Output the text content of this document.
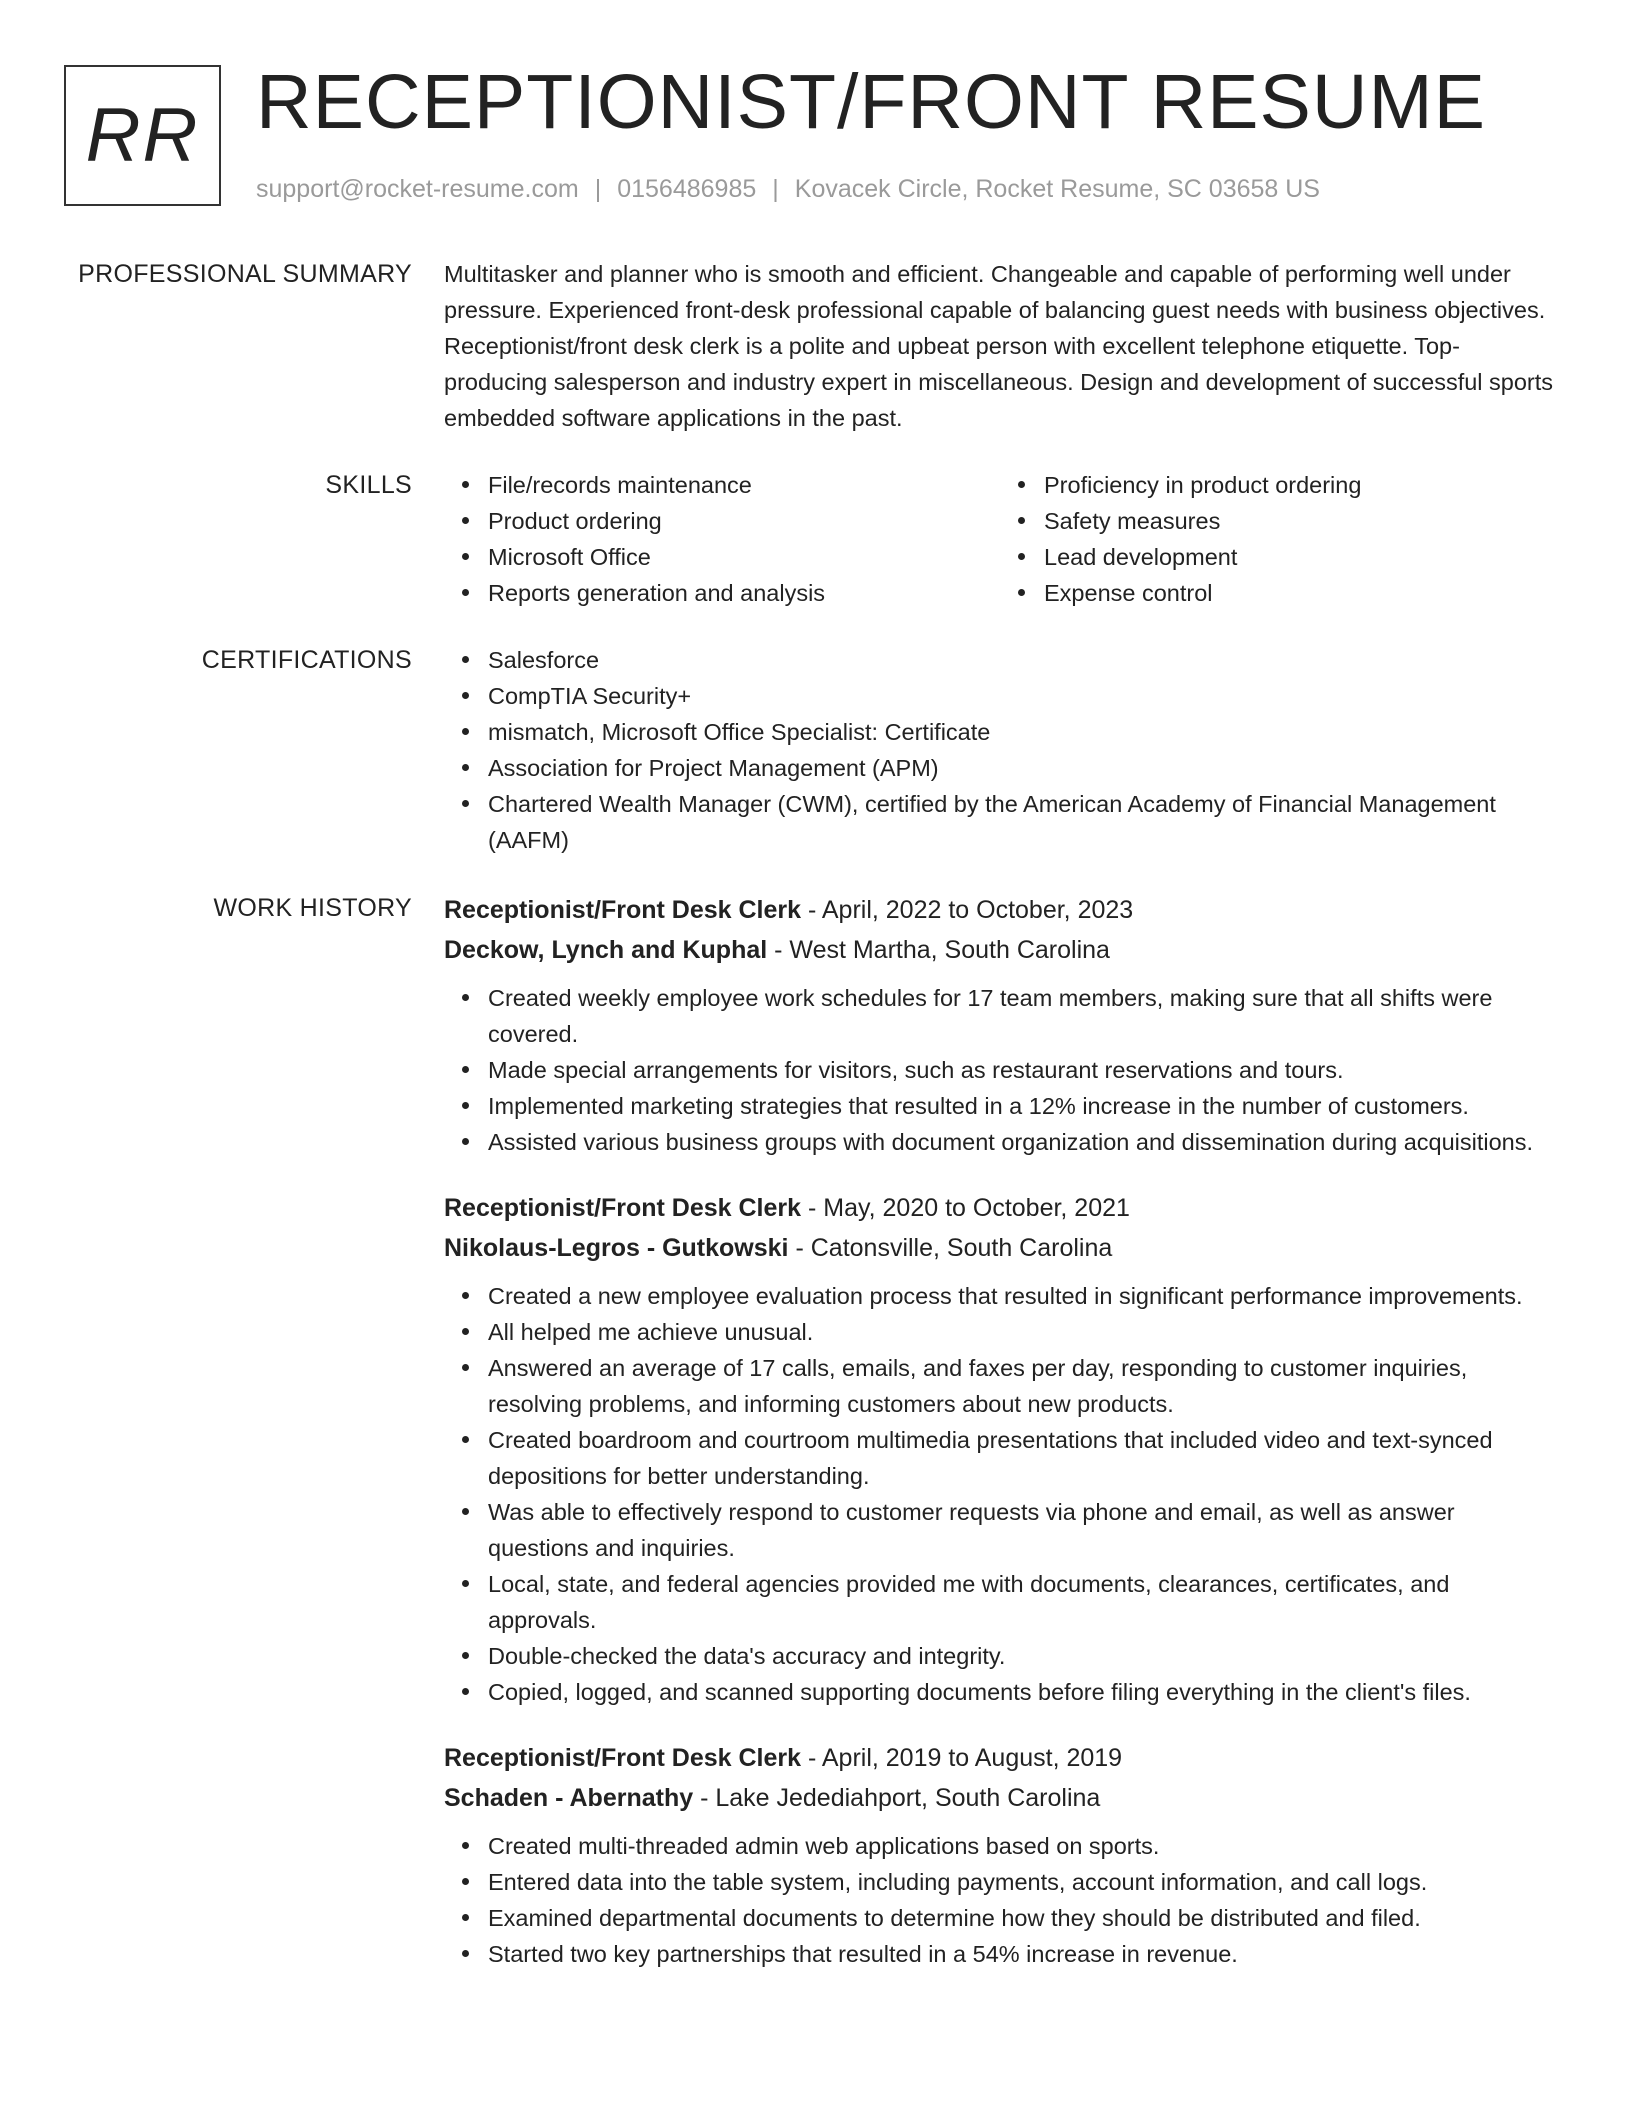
RR RECEPTIONIST/FRONT RESUME
support@rocket-resume.com | 0156486985 | Kovacek Circle, Rocket Resume, SC 03658 US
PROFESSIONAL SUMMARY Multitasker and planner who is smooth and efficient. Changeable and capable of performing well under pressure. Experienced front-desk professional capable of balancing guest needs with business objectives. Receptionist/front desk clerk is a polite and upbeat person with excellent telephone etiquette. Top-producing salesperson and industry expert in miscellaneous. Design and development of successful sports embedded software applications in the past.

SKILLS	File/records maintenance
Product ordering
Microsoft Office
Reports generation and analysis
Proficiency in product ordering
Safety measures
Lead development
Expense control
CERTIFICATIONS	Salesforce
CompTIA Security+
mismatch, Microsoft Office Specialist: Certificate
Association for Project Management (APM)
Chartered Wealth Manager (CWM), certified by the American Academy of Financial Management (AAFM)
WORK HISTORY Receptionist/Front Desk Clerk - April, 2022 to October, 2023
Deckow, Lynch and Kuphal - West Martha, South Carolina
Created weekly employee work schedules for 17 team members, making sure that all shifts were covered.
Made special arrangements for visitors, such as restaurant reservations and tours.
Implemented marketing strategies that resulted in a 12% increase in the number of customers.
Assisted various business groups with document organization and dissemination during acquisitions.
Receptionist/Front Desk Clerk - May, 2020 to October, 2021
Nikolaus-Legros - Gutkowski - Catonsville, South Carolina
Created a new employee evaluation process that resulted in significant performance improvements.
All helped me achieve unusual.
Answered an average of 17 calls, emails, and faxes per day, responding to customer inquiries, resolving problems, and informing customers about new products.
Created boardroom and courtroom multimedia presentations that included video and text-synced depositions for better understanding.
Was able to effectively respond to customer requests via phone and email, as well as answer questions and inquiries.
Local, state, and federal agencies provided me with documents, clearances, certificates, and approvals.
Double-checked the data's accuracy and integrity.
Copied, logged, and scanned supporting documents before filing everything in the client's files.
Receptionist/Front Desk Clerk - April, 2019 to August, 2019
Schaden - Abernathy - Lake Jedediahport, South Carolina
Created multi-threaded admin web applications based on sports.
Entered data into the table system, including payments, account information, and call logs.
Examined departmental documents to determine how they should be distributed and filed.
Started two key partnerships that resulted in a 54% increase in revenue.
